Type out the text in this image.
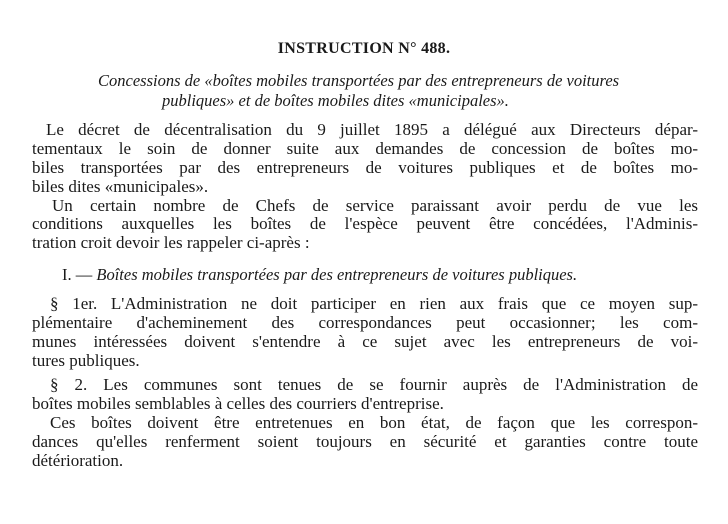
INSTRUCTION N° 488.
Concessions de «boîtes mobiles transportées par des entrepreneurs de voitures
publiques» et de boîtes mobiles dites «municipales».
Le décret de décentralisation du 9 juillet 1895 a délégué aux Directeurs dépar-
tementaux le soin de donner suite aux demandes de concession de boîtes mo-
biles transportées par des entrepreneurs de voitures publiques et de boîtes mo-
biles dites «municipales».
Un certain nombre de Chefs de service paraissant avoir perdu de vue les
conditions auxquelles les boîtes de l'espèce peuvent être concédées, l'Adminis-
tration croit devoir les rappeler ci-après :
I. — Boîtes mobiles transportées par des entrepreneurs de voitures publiques.
§ 1er. L'Administration ne doit participer en rien aux frais que ce moyen sup-
plémentaire d'acheminement des correspondances peut occasionner; les com-
munes intéressées doivent s'entendre à ce sujet avec les entrepreneurs de voi-
tures publiques.
§ 2. Les communes sont tenues de se fournir auprès de l'Administration de
boîtes mobiles semblables à celles des courriers d'entreprise.
Ces boîtes doivent être entretenues en bon état, de façon que les correspon-
dances qu'elles renferment soient toujours en sécurité et garanties contre toute
détérioration.
